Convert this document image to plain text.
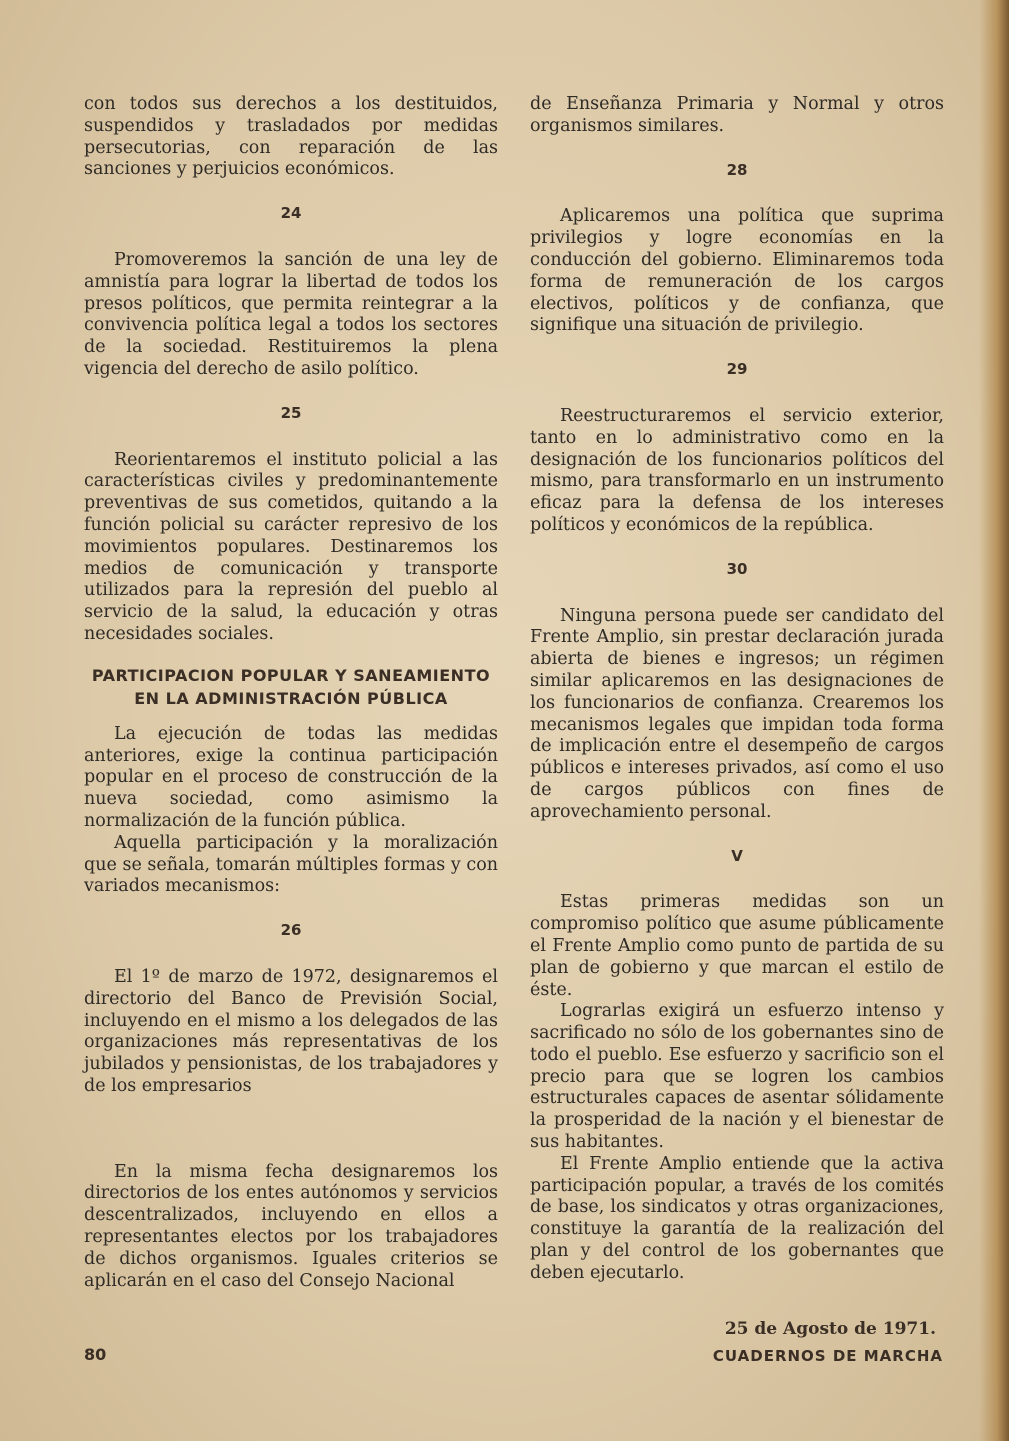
con todos sus derechos a los destituidos, suspendidos y trasladados por medidas persecutorias, con reparación de las sanciones y perjuicios económicos.

24

Promoveremos la sanción de una ley de amnistía para lograr la libertad de todos los presos políticos, que permita reintegrar a la convivencia política legal a todos los sectores de la sociedad. Restituiremos la plena vigencia del derecho de asilo político.

25

Reorientaremos el instituto policial a las características civiles y predominantemente preventivas de sus cometidos, quitando a la función policial su carácter represivo de los movimientos populares. Destinaremos los medios de comunicación y transporte utilizados para la represión del pueblo al servicio de la salud, la educación y otras necesidades sociales.

PARTICIPACION POPULAR Y SANEAMIENTO EN LA ADMINISTRACIÓN PÚBLICA

La ejecución de todas las medidas anteriores, exige la continua participación popular en el proceso de construcción de la nueva sociedad, como asimismo la normalización de la función pública.

Aquella participación y la moralización que se señala, tomarán múltiples formas y con variados mecanismos:

26

El 1º de marzo de 1972, designaremos el directorio del Banco de Previsión Social, incluyendo en el mismo a los delegados de las organizaciones más representativas de los jubilados y pensionistas, de los trabajadores y de los empresarios

En la misma fecha designaremos los directorios de los entes autónomos y servicios descentralizados, incluyendo en ellos a representantes electos por los trabajadores de dichos organismos. Iguales criterios se aplicarán en el caso del Consejo Nacional

de Enseñanza Primaria y Normal y otros organismos similares.

28

Aplicaremos una política que suprima privilegios y logre economías en la conducción del gobierno. Eliminaremos toda forma de remuneración de los cargos electivos, políticos y de confianza, que signifique una situación de privilegio.

29

Reestructuraremos el servicio exterior, tanto en lo administrativo como en la designación de los funcionarios políticos del mismo, para transformarlo en un instrumento eficaz para la defensa de los intereses políticos y económicos de la república.

30

Ninguna persona puede ser candidato del Frente Amplio, sin prestar declaración jurada abierta de bienes e ingresos; un régimen similar aplicaremos en las designaciones de los funcionarios de confianza. Crearemos los mecanismos legales que impidan toda forma de implicación entre el desempeño de cargos públicos e intereses privados, así como el uso de cargos públicos con fines de aprovechamiento personal.

V

Estas primeras medidas son un compromiso político que asume públicamente el Frente Amplio como punto de partida de su plan de gobierno y que marcan el estilo de éste.

Lograrlas exigirá un esfuerzo intenso y sacrificado no sólo de los gobernantes sino de todo el pueblo. Ese esfuerzo y sacrificio son el precio para que se logren los cambios estructurales capaces de asentar sólidamente la prosperidad de la nación y el bienestar de sus habitantes.

El Frente Amplio entiende que la activa participación popular, a través de los comités de base, los sindicatos y otras organizaciones, constituye la garantía de la realización del plan y del control de los gobernantes que deben ejecutarlo.

25 de Agosto de 1971.
80	CUADERNOS DE MARCHA
